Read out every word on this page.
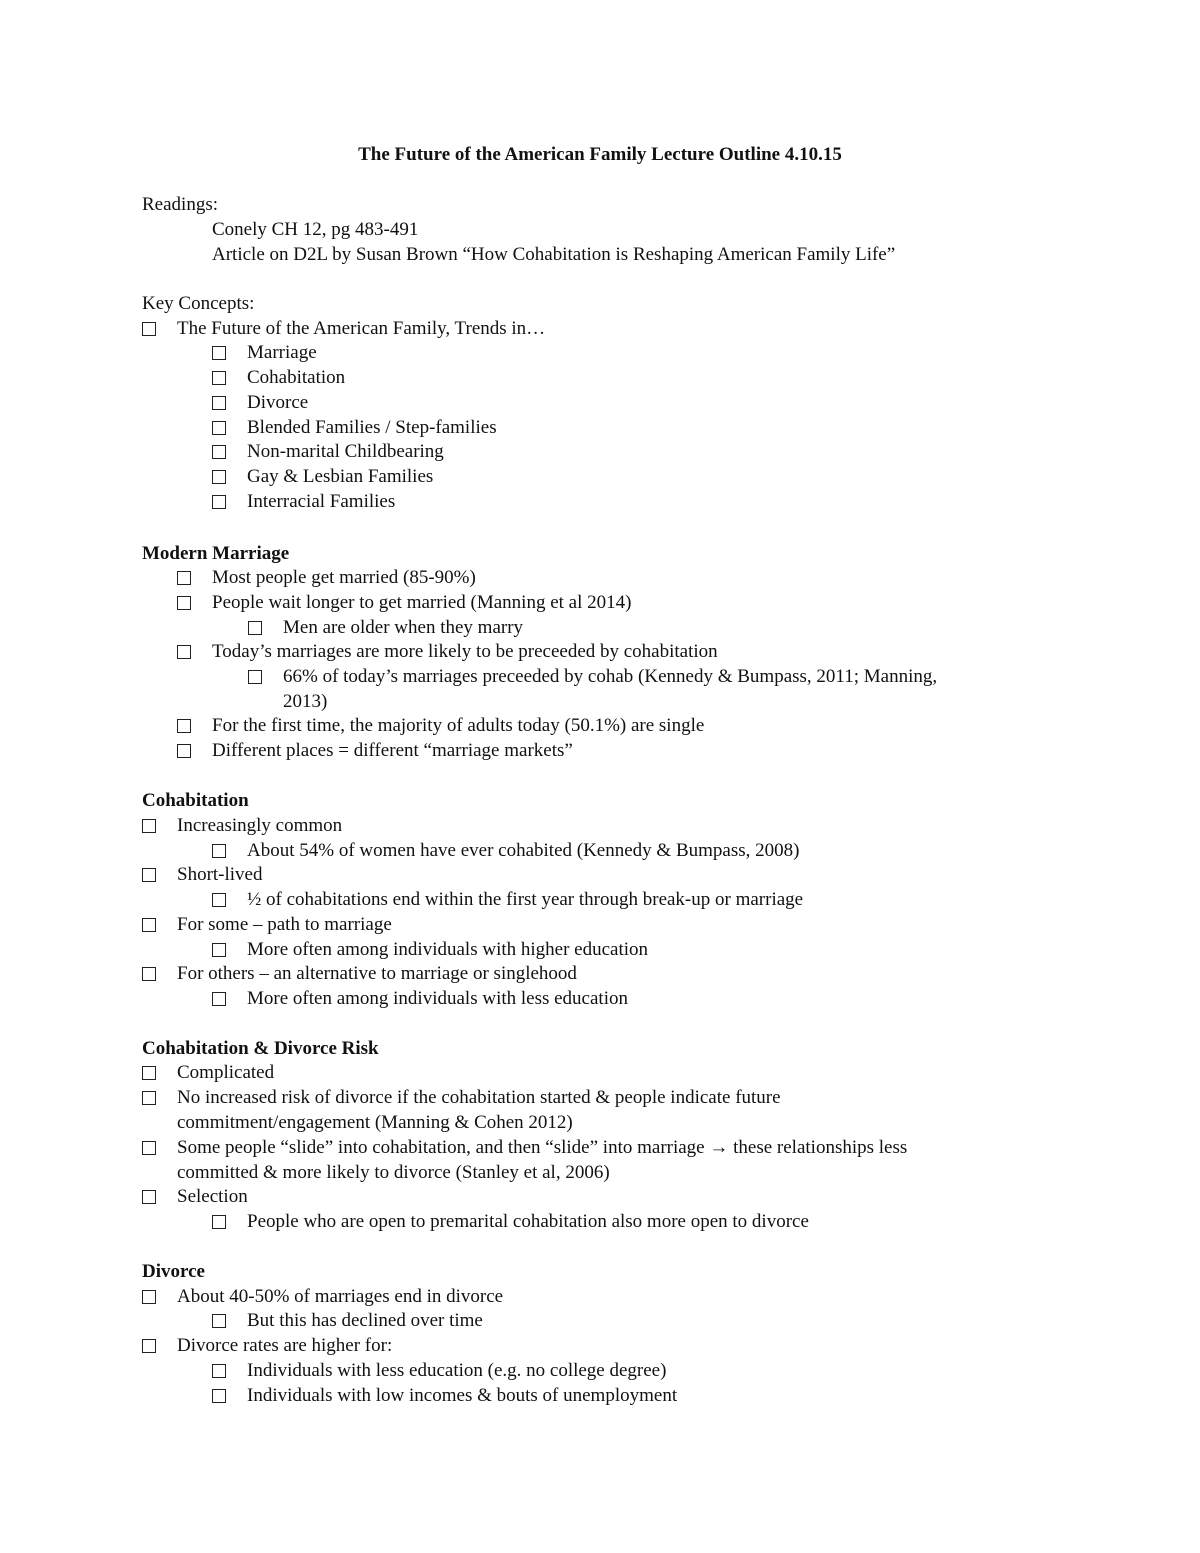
The Future of the American Family Lecture Outline 4.10.15
Readings:
Conely CH 12, pg 483-491
Article on D2L by Susan Brown “How Cohabitation is Reshaping American Family Life”
Key Concepts:
The Future of the American Family, Trends in…
Marriage
Cohabitation
Divorce
Blended Families / Step-families
Non-marital Childbearing
Gay & Lesbian Families
Interracial Families
Modern Marriage
Most people get married (85-90%)
People wait longer to get married (Manning et al 2014)
Men are older when they marry
Today’s marriages are more likely to be preceeded by cohabitation
66% of today’s marriages preceeded by cohab (Kennedy & Bumpass, 2011; Manning,
2013)
For the first time, the majority of adults today (50.1%) are single
Different places = different “marriage markets”
Cohabitation
Increasingly common
About 54% of women have ever cohabited (Kennedy & Bumpass, 2008)
Short-lived
½ of cohabitations end within the first year through break-up or marriage
For some – path to marriage
More often among individuals with higher education
For others – an alternative to marriage or singlehood
More often among individuals with less education
Cohabitation & Divorce Risk
Complicated
No increased risk of divorce if the cohabitation started & people indicate future
commitment/engagement (Manning & Cohen 2012)
Some people “slide” into cohabitation, and then “slide” into marriage → these relationships less
committed & more likely to divorce (Stanley et al, 2006)
Selection
People who are open to premarital cohabitation also more open to divorce
Divorce
About 40-50% of marriages end in divorce
But this has declined over time
Divorce rates are higher for:
Individuals with less education (e.g. no college degree)
Individuals with low incomes & bouts of unemployment
